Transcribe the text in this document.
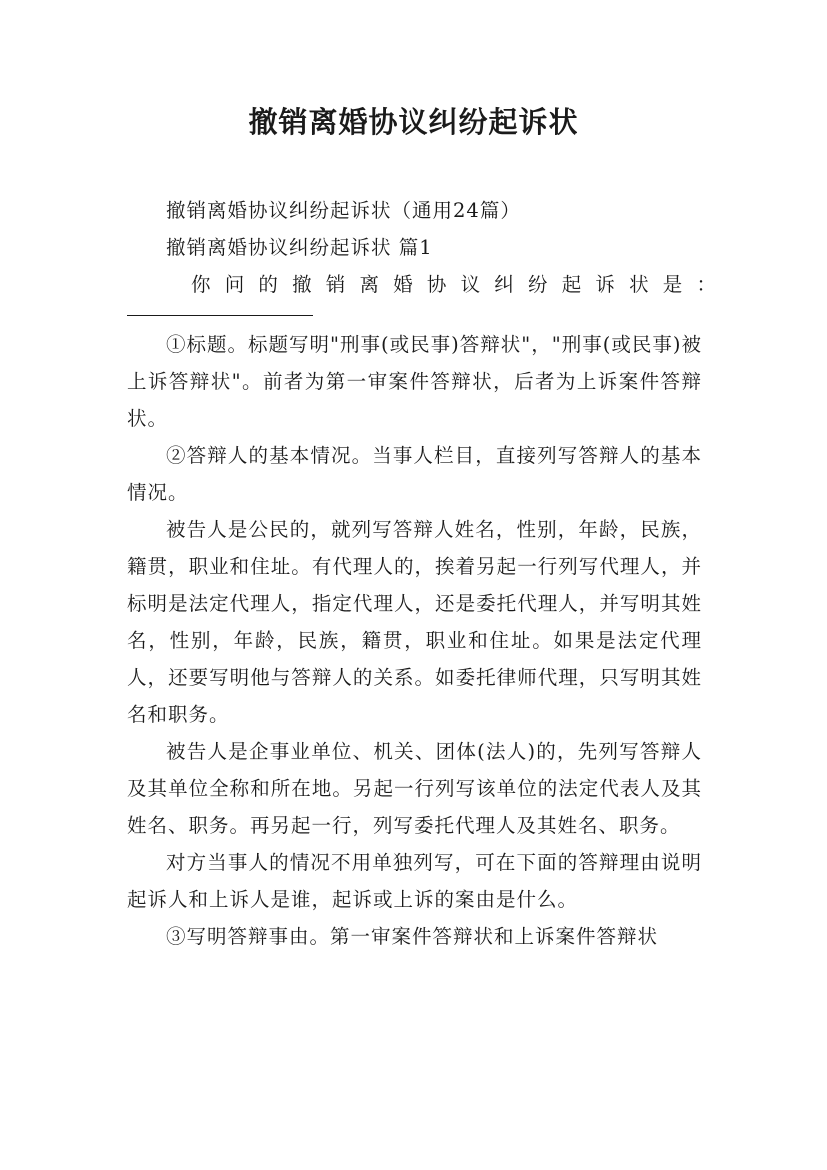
撤销离婚协议纠纷起诉状

撤销离婚协议纠纷起诉状（通用24篇）

撤销离婚协议纠纷起诉状 篇1

你问的撤销离婚协议纠纷起诉状是：

①标题。标题写明"刑事(或民事)答辩状"，"刑事(或民事)被上诉答辩状"。前者为第一审案件答辩状，后者为上诉案件答辩状。

②答辩人的基本情况。当事人栏目，直接列写答辩人的基本情况。

被告人是公民的，就列写答辩人姓名，性别，年龄，民族，籍贯，职业和住址。有代理人的，挨着另起一行列写代理人，并标明是法定代理人，指定代理人，还是委托代理人，并写明其姓名，性别，年龄，民族，籍贯，职业和住址。如果是法定代理人，还要写明他与答辩人的关系。如委托律师代理，只写明其姓名和职务。

被告人是企事业单位、机关、团体(法人)的，先列写答辩人及其单位全称和所在地。另起一行列写该单位的法定代表人及其姓名、职务。再另起一行，列写委托代理人及其姓名、职务。

对方当事人的情况不用单独列写，可在下面的答辩理由说明起诉人和上诉人是谁，起诉或上诉的案由是什么。

③写明答辩事由。第一审案件答辩状和上诉案件答辩状
